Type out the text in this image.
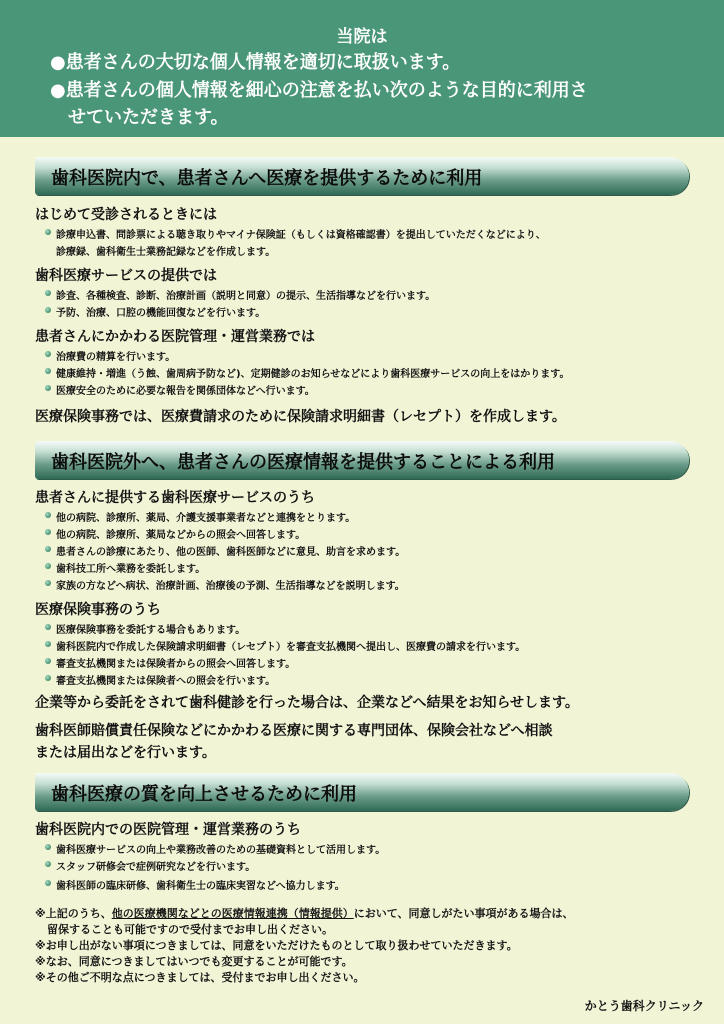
当院は
●患者さんの大切な個人情報を適切に取扱います。
●患者さんの個人情報を細心の注意を払い次のような目的に利用さ
せていただきます。
歯科医院内で、患者さんへ医療を提供するために利用
はじめて受診されるときには
診療申込書、問診票による聴き取りやマイナ保険証（もしくは資格確認書）を提出していただくなどにより、
診療録、歯科衛生士業務記録などを作成します。
歯科医療サービスの提供では
診査、各種検査、診断、治療計画（説明と同意）の提示、生活指導などを行います。
予防、治療、口腔の機能回復などを行います。
患者さんにかかわる医院管理・運営業務では
治療費の精算を行います。
健康維持・増進（う蝕、歯周病予防など)、定期健診のお知らせなどにより歯科医療サービスの向上をはかります。
医療安全のために必要な報告を関係団体などへ行います。
医療保険事務では、医療費請求のために保険請求明細書（レセプト）を作成します。
歯科医院外へ、患者さんの医療情報を提供することによる利用
患者さんに提供する歯科医療サービスのうち
他の病院、診療所、薬局、介護支援事業者などと連携をとります。
他の病院、診療所、薬局などからの照会へ回答します。
患者さんの診療にあたり、他の医師、歯科医師などに意見、助言を求めます。
歯科技工所へ業務を委託します。
家族の方などへ病状、治療計画、治療後の予測、生活指導などを説明します。
医療保険事務のうち
医療保険事務を委託する場合もあります。
歯科医院内で作成した保険請求明細書（レセプト）を審査支払機関へ提出し、医療費の請求を行います。
審査支払機関または保険者からの照会へ回答します。
審査支払機関または保険者への照会を行います。
企業等から委託をされて歯科健診を行った場合は、企業などへ結果をお知らせします。
歯科医師賠償責任保険などにかかわる医療に関する専門団体、保険会社などへ相談
または届出などを行います。
歯科医療の質を向上させるために利用
歯科医院内での医院管理・運営業務のうち
歯科医療サービスの向上や業務改善のための基礎資料として活用します。
スタッフ研修会で症例研究などを行います。
歯科医師の臨床研修、歯科衛生士の臨床実習などへ協力します。
※上記のうち、他の医療機関などとの医療情報連携（情報提供）において、同意しがたい事項がある場合は、
留保することも可能ですので受付までお申し出ください。
※お申し出がない事項につきましては、同意をいただけたものとして取り扱わせていただきます。
※なお、同意につきましてはいつでも変更することが可能です。
※その他ご不明な点につきましては、受付までお申し出ください。
かとう歯科クリニック
